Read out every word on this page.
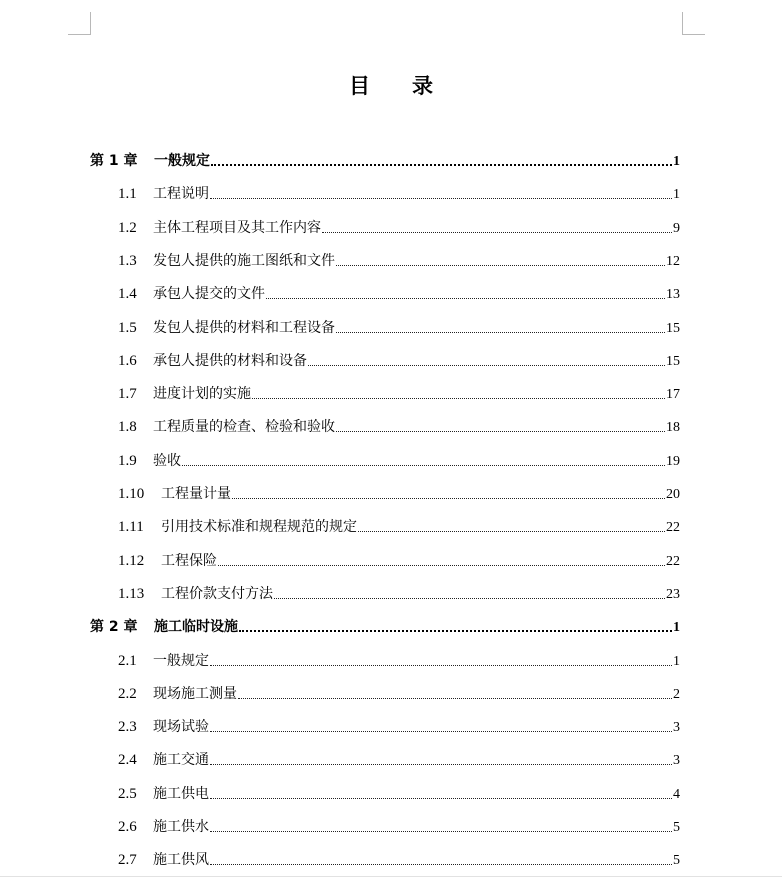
目 录
第 1 章	一般规定	1
1.1	工程说明	1
1.2	主体工程项目及其工作内容	9
1.3	发包人提供的施工图纸和文件	12
1.4	承包人提交的文件	13
1.5	发包人提供的材料和工程设备	15
1.6	承包人提供的材料和设备	15
1.7	进度计划的实施	17
1.8	工程质量的检查、检验和验收	18
1.9	验收	19
1.10	工程量计量	20
1.11	引用技术标准和规程规范的规定	22
1.12	工程保险	22
1.13	工程价款支付方法	23
第 2 章	施工临时设施	1
2.1	一般规定	1
2.2	现场施工测量	2
2.3	现场试验	3
2.4	施工交通	3
2.5	施工供电	4
2.6	施工供水	5
2.7	施工供风	5
